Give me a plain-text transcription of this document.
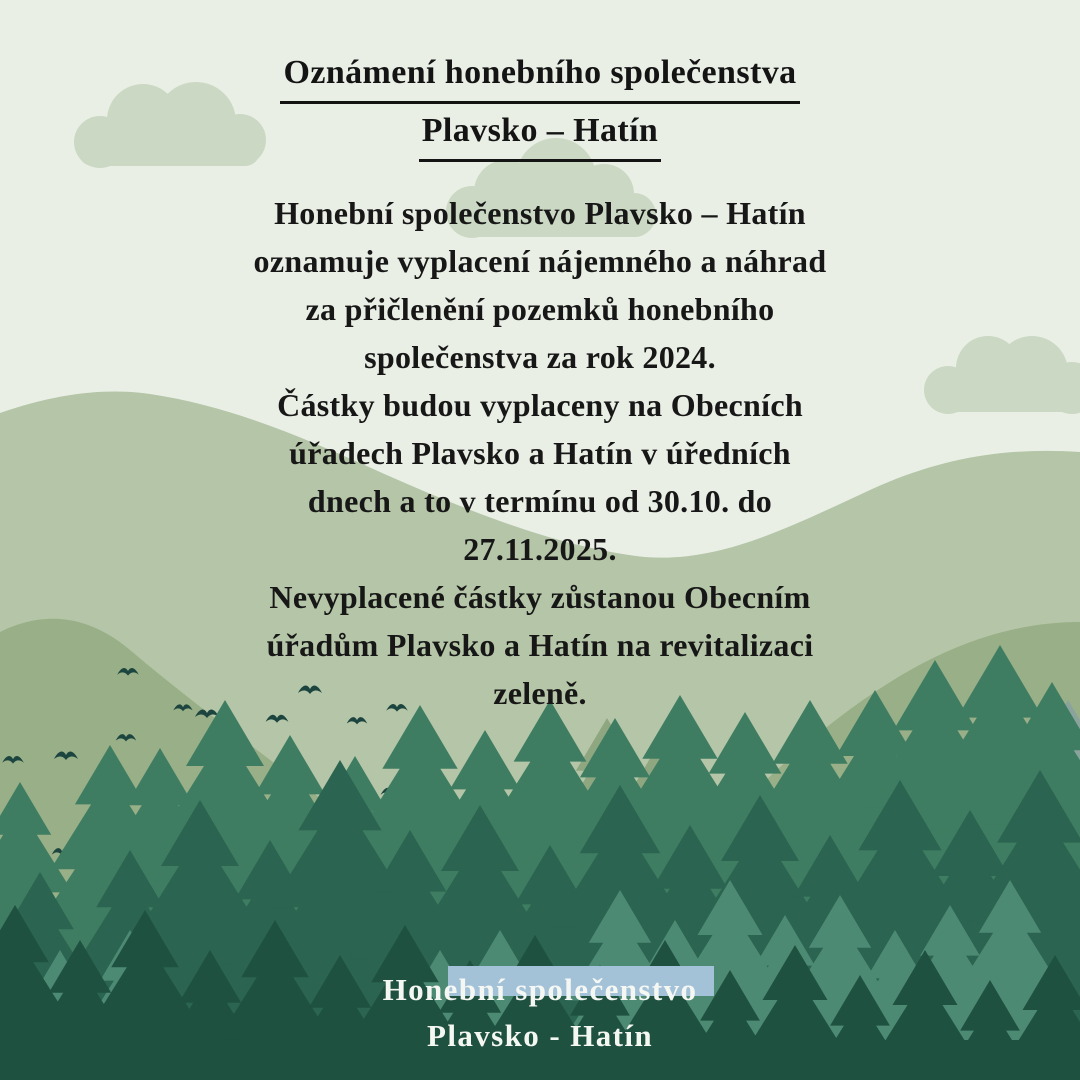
Oznámení honebního společenstva
Plavsko – Hatín
Honební společenstvo Plavsko – Hatín
oznamuje vyplacení nájemného a náhrad
za přičlenění pozemků honebního
společenstva za rok 2024.
Částky budou vyplaceny na Obecních
úřadech Plavsko a Hatín v úředních
dnech a to v termínu od 30.10. do
27.11.2025.
Nevyplacené částky zůstanou Obecním
úřadům Plavsko a Hatín na revitalizaci
zeleně.
Honební společenstvo
Plavsko - Hatín
